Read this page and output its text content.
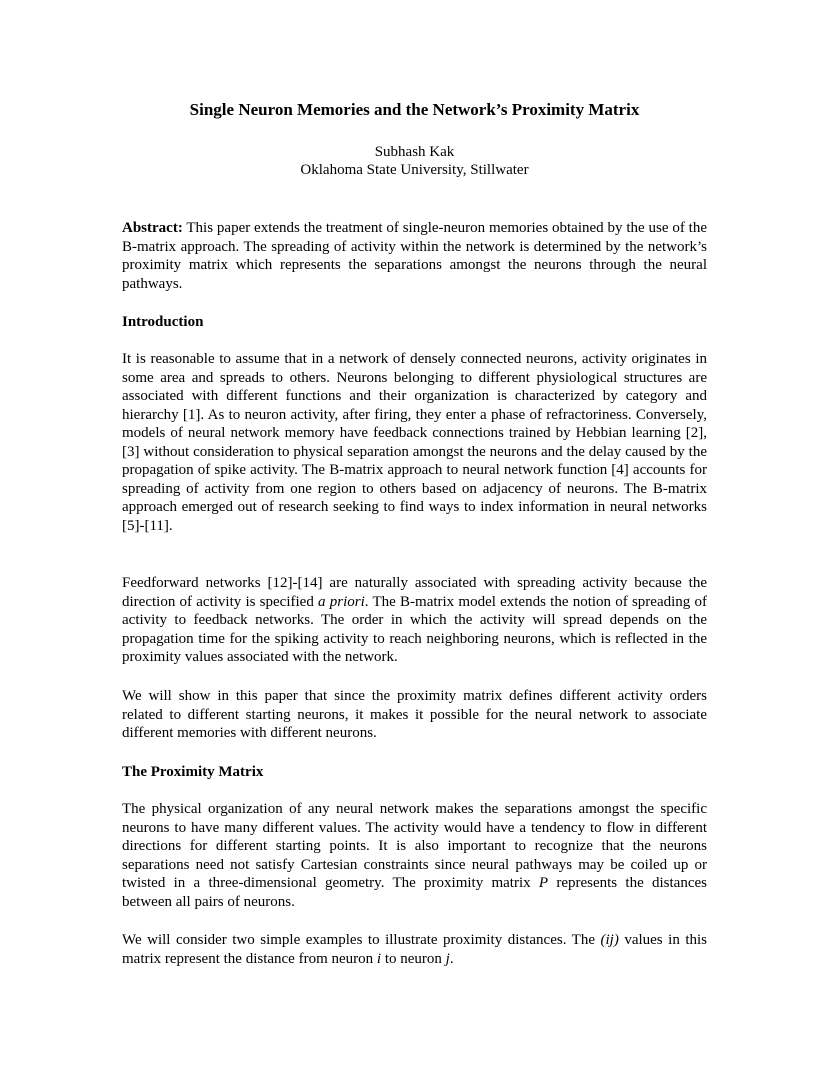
Single Neuron Memories and the Network’s Proximity Matrix
Subhash Kak
Oklahoma State University, Stillwater

Abstract: This paper extends the treatment of single-neuron memories obtained by the use of the B-matrix approach. The spreading of activity within the network is determined by the network’s proximity matrix which represents the separations amongst the neurons through the neural pathways.

Introduction

It is reasonable to assume that in a network of densely connected neurons, activity originates in some area and spreads to others. Neurons belonging to different physiological structures are associated with different functions and their organization is characterized by category and hierarchy [1]. As to neuron activity, after firing, they enter a phase of refractoriness. Conversely, models of neural network memory have feedback connections trained by Hebbian learning [2],[3] without consideration to physical separation amongst the neurons and the delay caused by the propagation of spike activity. The B-matrix approach to neural network function [4] accounts for spreading of activity from one region to others based on adjacency of neurons. The B-matrix approach emerged out of research seeking to find ways to index information in neural networks [5]-[11].

Feedforward networks [12]-[14] are naturally associated with spreading activity because the direction of activity is specified a priori. The B-matrix model extends the notion of spreading of activity to feedback networks. The order in which the activity will spread depends on the propagation time for the spiking activity to reach neighboring neurons, which is reflected in the proximity values associated with the network.

We will show in this paper that since the proximity matrix defines different activity orders related to different starting neurons, it makes it possible for the neural network to associate different memories with different neurons.

The Proximity Matrix

The physical organization of any neural network makes the separations amongst the specific neurons to have many different values. The activity would have a tendency to flow in different directions for different starting points. It is also important to recognize that the neurons separations need not satisfy Cartesian constraints since neural pathways may be coiled up or twisted in a three-dimensional geometry. The proximity matrix P represents the distances between all pairs of neurons.

We will consider two simple examples to illustrate proximity distances. The (ij) values in this matrix represent the distance from neuron i to neuron j.
